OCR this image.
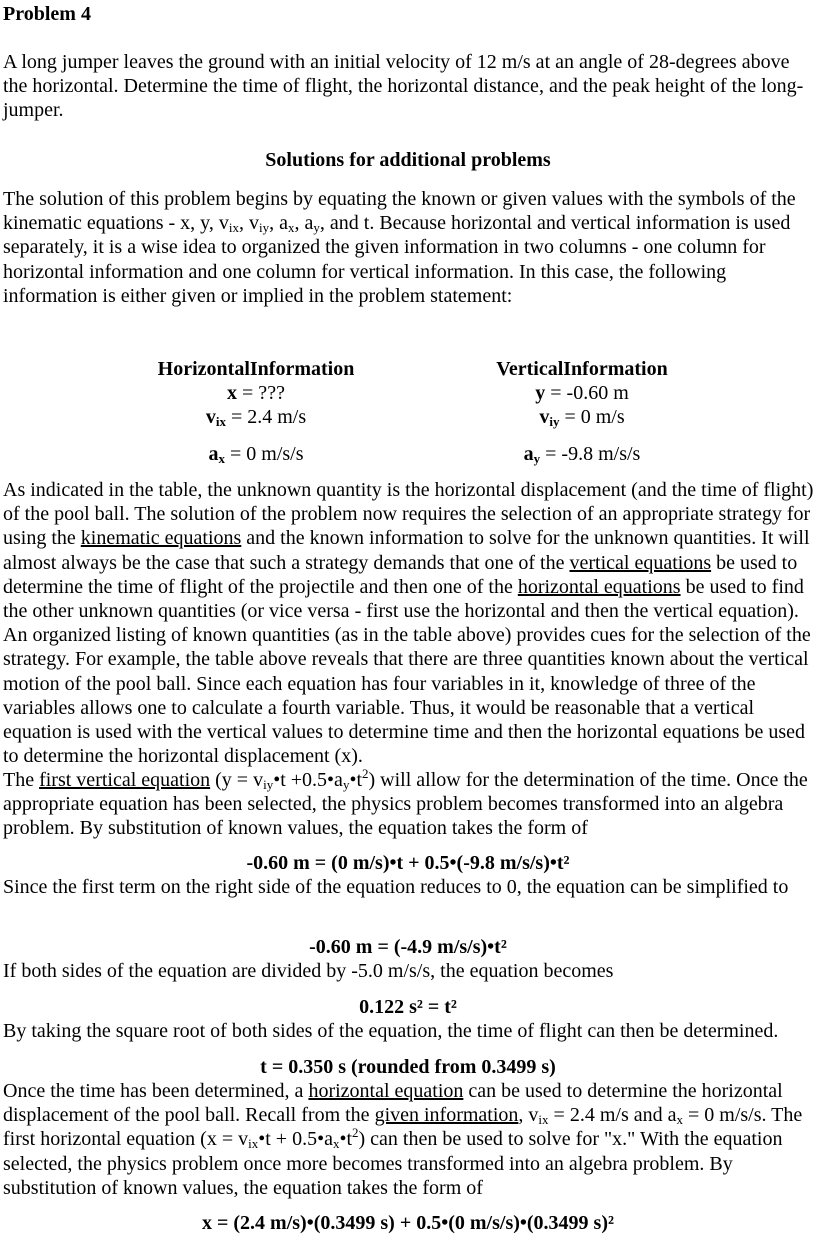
Problem 4

A long jumper leaves the ground with an initial velocity of 12 m/s at an angle of 28-degrees above the horizontal. Determine the time of flight, the horizontal distance, and the peak height of the long-jumper.

Solutions for additional problems

The solution of this problem begins by equating the known or given values with the symbols of the kinematic equations - x, y, $v_{ix}$, $v_{iy}$, $a_x$, $a_y$, and t. Because horizontal and vertical information is used separately, it is a wise idea to organized the given information in two columns - one column for horizontal information and one column for vertical information. In this case, the following information is either given or implied in the problem statement:

HorizontalInformation
x = ???
$v_{ix} = 2.4$ m/s
$a_x = 0$ m/s/s
VerticalInformation
y = -0.60 m
$v_{iy} = 0$ m/s
$a_y = -9.8$ m/s/s

As indicated in the table, the unknown quantity is the horizontal displacement (and the time of flight) of the pool ball. The solution of the problem now requires the selection of an appropriate strategy for using the kinematic equations and the known information to solve for the unknown quantities. It will almost always be the case that such a strategy demands that one of the vertical equations be used to determine the time of flight of the projectile and then one of the horizontal equations be used to find the other unknown quantities (or vice versa - first use the horizontal and then the vertical equation). An organized listing of known quantities (as in the table above) provides cues for the selection of the strategy. For example, the table above reveals that there are three quantities known about the vertical motion of the pool ball. Since each equation has four variables in it, knowledge of three of the variables allows one to calculate a fourth variable. Thus, it would be reasonable that a vertical equation is used with the vertical values to determine time and then the horizontal equations be used to determine the horizontal displacement (x).

The first vertical equation ($y = v_{iy}•t$ $+0.5•a_y•t^2$) will allow for the determination of the time. Once the appropriate equation has been selected, the physics problem becomes transformed into an algebra problem. By substitution of known values, the equation takes the form of

-0.60 m = (0 m/s)•t + 0.5•(-9.8 m/s/s)•t²

Since the first term on the right side of the equation reduces to 0, the equation can be simplified to

-0.60 m = (-4.9 m/s/s)•t²

If both sides of the equation are divided by -5.0 m/s/s, the equation becomes

0.122 s² = t²

By taking the square root of both sides of the equation, the time of flight can then be determined.

t = 0.350 s (rounded from 0.3499 s)

Once the time has been determined, a horizontal equation can be used to determine the horizontal displacement of the pool ball. Recall from the given information, $v_{ix} = 2.4$ m/s and $a_x = 0$ m/s/s. The first horizontal equation ($x = v_{ix}•t$ + $0.5•a_x•t^2$) can then be used to solve for "x." With the equation selected, the physics problem once more becomes transformed into an algebra problem. By substitution of known values, the equation takes the form of

x = (2.4 m/s)•(0.3499 s) + 0.5•(0 m/s/s)•(0.3499 s)²
